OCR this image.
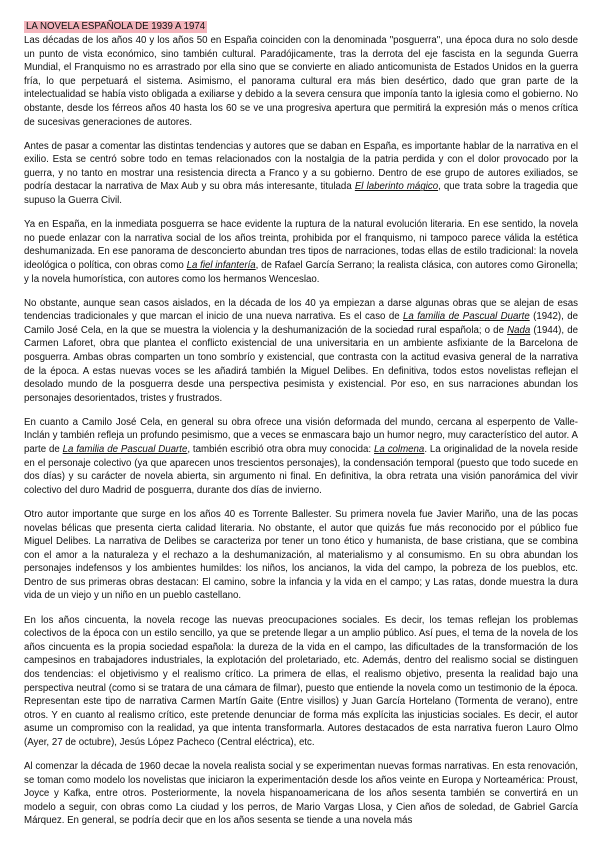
LA NOVELA ESPAÑOLA DE 1939 A 1974

Las décadas de los años 40 y los años 50 en España coinciden con la denominada "posguerra", una época dura no solo desde un punto de vista económico, sino también cultural. Paradójicamente, tras la derrota del eje fascista en la segunda Guerra Mundial, el Franquismo no es arrastrado por ella sino que se convierte en aliado anticomunista de Estados Unidos en la guerra fría, lo que perpetuará el sistema. Asimismo, el panorama cultural era más bien desértico, dado que gran parte de la intelectualidad se había visto obligada a exiliarse y debido a la severa censura que imponía tanto la iglesia como el gobierno. No obstante, desde los férreos años 40 hasta los 60 se ve una progresiva apertura que permitirá la expresión más o menos crítica de sucesivas generaciones de autores.

Antes de pasar a comentar las distintas tendencias y autores que se daban en España, es importante hablar de la narrativa en el exilio. Esta se centró sobre todo en temas relacionados con la nostalgia de la patria perdida y con el dolor provocado por la guerra, y no tanto en mostrar una resistencia directa a Franco y a su gobierno. Dentro de ese grupo de autores exiliados, se podría destacar la narrativa de Max Aub y su obra más interesante, titulada El laberinto mágico, que trata sobre la tragedia que supuso la Guerra Civil.

Ya en España, en la inmediata posguerra se hace evidente la ruptura de la natural evolución literaria. En ese sentido, la novela no puede enlazar con la narrativa social de los años treinta, prohibida por el franquismo, ni tampoco parece válida la estética deshumanizada. En ese panorama de desconcierto abundan tres tipos de narraciones, todas ellas de estilo tradicional: la novela ideológica o política, con obras como La fiel infantería, de Rafael García Serrano; la realista clásica, con autores como Gironella; y la novela humorística, con autores como los hermanos Wenceslao.

No obstante, aunque sean casos aislados, en la década de los 40 ya empiezan a darse algunas obras que se alejan de esas tendencias tradicionales y que marcan el inicio de una nueva narrativa. Es el caso de La familia de Pascual Duarte (1942), de Camilo José Cela, en la que se muestra la violencia y la deshumanización de la sociedad rural española; o de Nada (1944), de Carmen Laforet, obra que plantea el conflicto existencial de una universitaria en un ambiente asfixiante de la Barcelona de posguerra. Ambas obras comparten un tono sombrío y existencial, que contrasta con la actitud evasiva general de la narrativa de la época. A estas nuevas voces se les añadirá también la Miguel Delibes. En definitiva, todos estos novelistas reflejan el desolado mundo de la posguerra desde una perspectiva pesimista y existencial. Por eso, en sus narraciones abundan los personajes desorientados, tristes y frustrados.

En cuanto a Camilo José Cela, en general su obra ofrece una visión deformada del mundo, cercana al esperpento de Valle-Inclán y también refleja un profundo pesimismo, que a veces se enmascara bajo un humor negro, muy característico del autor. A parte de La familia de Pascual Duarte, también escribió otra obra muy conocida: La colmena. La originalidad de la novela reside en el personaje colectivo (ya que aparecen unos trescientos personajes), la condensación temporal (puesto que todo sucede en dos días) y su carácter de novela abierta, sin argumento ni final. En definitiva, la obra retrata una visión panorámica del vivir colectivo del duro Madrid de posguerra, durante dos días de invierno.

Otro autor importante que surge en los años 40 es Torrente Ballester. Su primera novela fue Javier Mariño, una de las pocas novelas bélicas que presenta cierta calidad literaria. No obstante, el autor que quizás fue más reconocido por el público fue Miguel Delibes. La narrativa de Delibes se caracteriza por tener un tono ético y humanista, de base cristiana, que se combina con el amor a la naturaleza y el rechazo a la deshumanización, al materialismo y al consumismo. En su obra abundan los personajes indefensos y los ambientes humildes: los niños, los ancianos, la vida del campo, la pobreza de los pueblos, etc. Dentro de sus primeras obras destacan: El camino, sobre la infancia y la vida en el campo; y Las ratas, donde muestra la dura vida de un viejo y un niño en un pueblo castellano.

En los años cincuenta, la novela recoge las nuevas preocupaciones sociales. Es decir, los temas reflejan los problemas colectivos de la época con un estilo sencillo, ya que se pretende llegar a un amplio público. Así pues, el tema de la novela de los años cincuenta es la propia sociedad española: la dureza de la vida en el campo, las dificultades de la transformación de los campesinos en trabajadores industriales, la explotación del proletariado, etc. Además, dentro del realismo social se distinguen dos tendencias: el objetivismo y el realismo crítico. La primera de ellas, el realismo objetivo, presenta la realidad bajo una perspectiva neutral (como si se tratara de una cámara de filmar), puesto que entiende la novela como un testimonio de la época. Representan este tipo de narrativa Carmen Martín Gaite (Entre visillos) y Juan García Hortelano (Tormenta de verano), entre otros. Y en cuanto al realismo crítico, este pretende denunciar de forma más explícita las injusticias sociales. Es decir, el autor asume un compromiso con la realidad, ya que intenta transformarla. Autores destacados de esta narrativa fueron Lauro Olmo (Ayer, 27 de octubre), Jesús López Pacheco (Central eléctrica), etc.

Al comenzar la década de 1960 decae la novela realista social y se experimentan nuevas formas narrativas. En esta renovación, se toman como modelo los novelistas que iniciaron la experimentación desde los años veinte en Europa y Norteamérica: Proust, Joyce y Kafka, entre otros. Posteriormente, la novela hispanoamericana de los años sesenta también se convertirá en un modelo a seguir, con obras como La ciudad y los perros, de Mario Vargas Llosa, y Cien años de soledad, de Gabriel García Márquez. En general, se podría decir que en los años sesenta se tiende a una novela más
